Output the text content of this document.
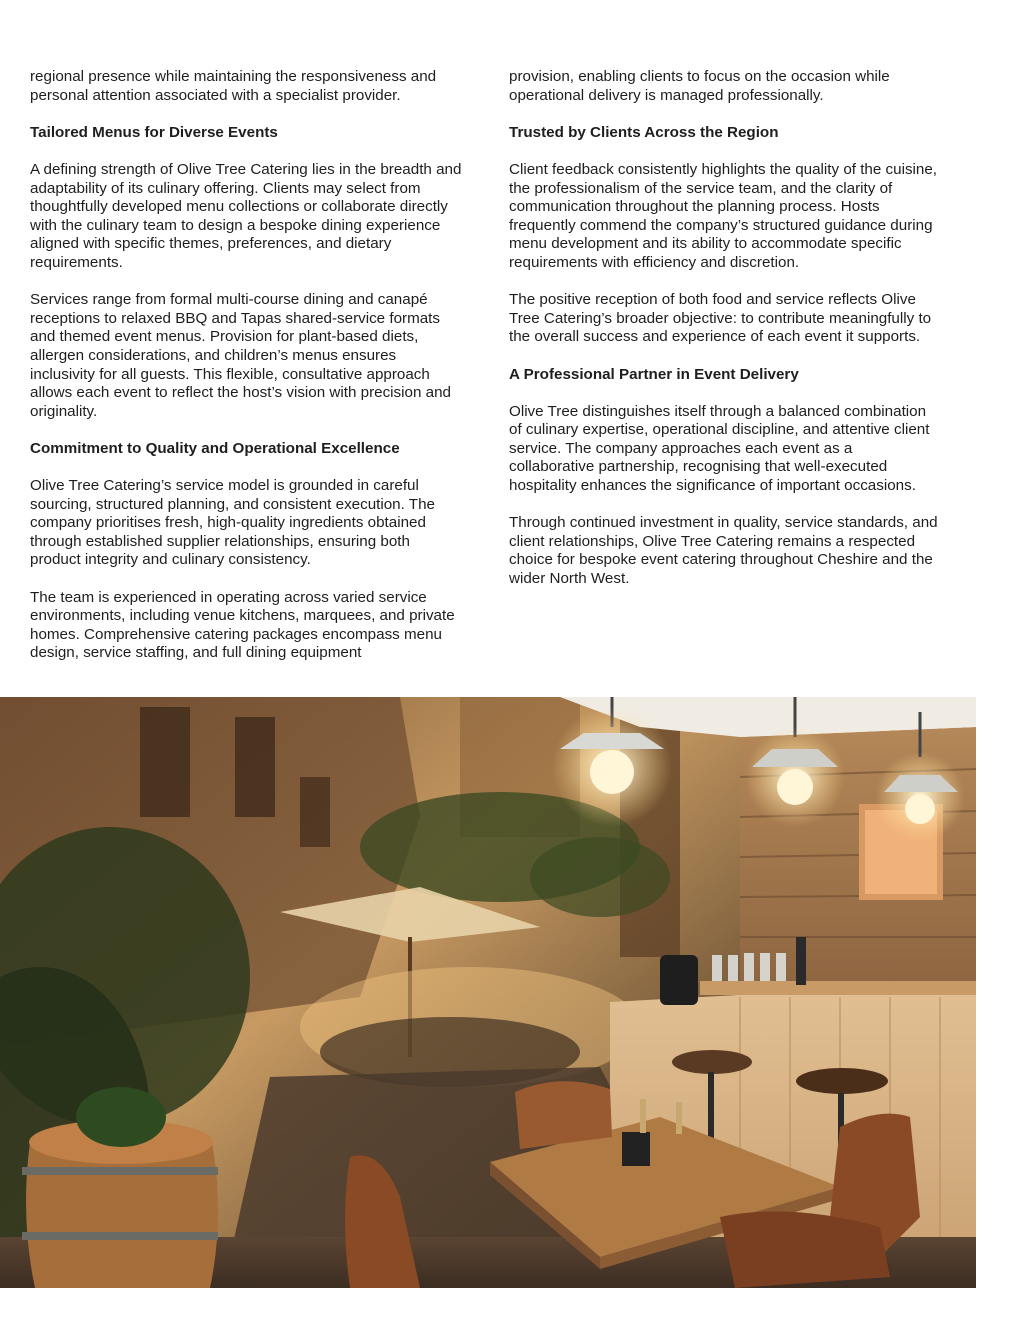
regional presence while maintaining the responsiveness and personal attention associated with a specialist provider.

Tailored Menus for Diverse Events

A defining strength of Olive Tree Catering lies in the breadth and adaptability of its culinary offering. Clients may select from thoughtfully developed menu collections or collaborate directly with the culinary team to design a bespoke dining experience aligned with specific themes, preferences, and dietary requirements.

Services range from formal multi-course dining and canapé receptions to relaxed BBQ and Tapas shared-service formats and themed event menus. Provision for plant-based diets, allergen considerations, and children’s menus ensures inclusivity for all guests. This flexible, consultative approach allows each event to reflect the host’s vision with precision and originality.

Commitment to Quality and Operational Excellence

Olive Tree Catering’s service model is grounded in careful sourcing, structured planning, and consistent execution. The company prioritises fresh, high-quality ingredients obtained through established supplier relationships, ensuring both product integrity and culinary consistency.

The team is experienced in operating across varied service environments, including venue kitchens, marquees, and private homes. Comprehensive catering packages encompass menu design, service staffing, and full dining equipment

provision, enabling clients to focus on the occasion while operational delivery is managed professionally.

Trusted by Clients Across the Region

Client feedback consistently highlights the quality of the cuisine, the professionalism of the service team, and the clarity of communication throughout the planning process. Hosts frequently commend the company’s structured guidance during menu development and its ability to accommodate specific requirements with efficiency and discretion.

The positive reception of both food and service reflects Olive Tree Catering’s broader objective: to contribute meaningfully to the overall success and experience of each event it supports.

A Professional Partner in Event Delivery

Olive Tree distinguishes itself through a balanced combination of culinary expertise, operational discipline, and attentive client service. The company approaches each event as a collaborative partnership, recognising that well-executed hospitality enhances the significance of important occasions.

Through continued investment in quality, service standards, and client relationships, Olive Tree Catering remains a respected choice for bespoke event catering throughout Cheshire and the wider North West.
